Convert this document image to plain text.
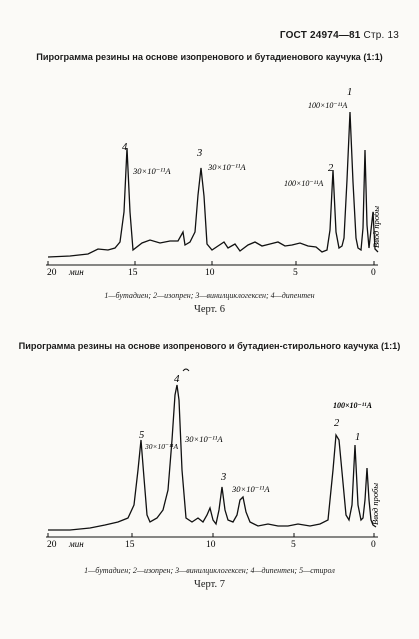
ГОСТ 24974—81 Стр. 13
Пирограмма резины на основе изопренового и бутадиенового каучука (1:1)
20 мин	15	10	5	0
4
30×10⁻¹¹A
3
30×10⁻¹¹A
100×10⁻¹¹A
2
100×10⁻¹¹A
1
Ввод пробы
20 мин	15	10	5	0
5
30×10⁻¹¹A
4
30×10⁻¹¹A
3
30×10⁻¹¹A
2
1
100×10⁻¹¹A
Ввод пробы
1—бутадиен; 2—изопрен; 3—винилциклогексен; 4—дипентен
Черт. 6
Пирограмма резины на основе изопренового и бутадиен-стирольного каучука (1:1)
1—бутадиен; 2—изопрен; 3—винилциклогексен; 4—дипентен; 5—стирол
Черт. 7
